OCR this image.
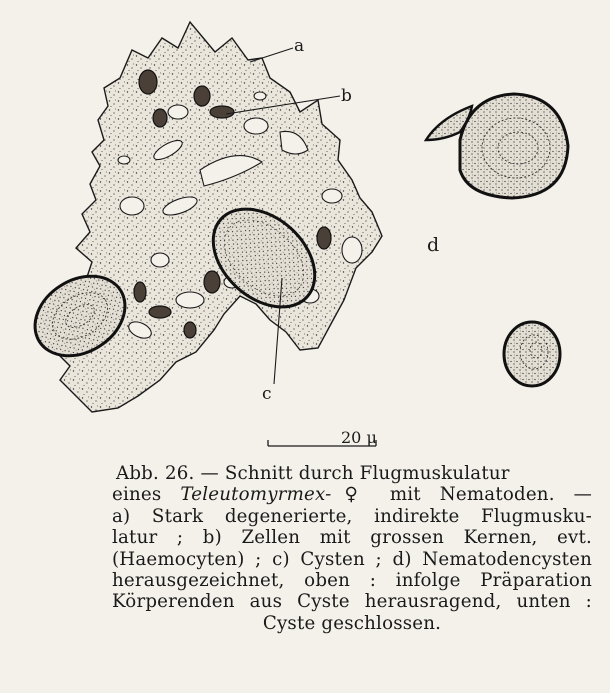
a
b
c
d
20 µ

Abb. 26. — Schnitt durch Flugmuskulatur

eines Teleutomyrmex-♀ mit Nematoden. —

a) Stark degenerierte, indirekte Flugmusku-

latur ; b) Zellen mit grossen Kernen, evt.

(Haemocyten) ; c) Cysten ; d) Nematodencysten

herausgezeichnet, oben : infolge Präparation

Körperenden aus Cyste herausragend, unten :

Cyste geschlossen.
